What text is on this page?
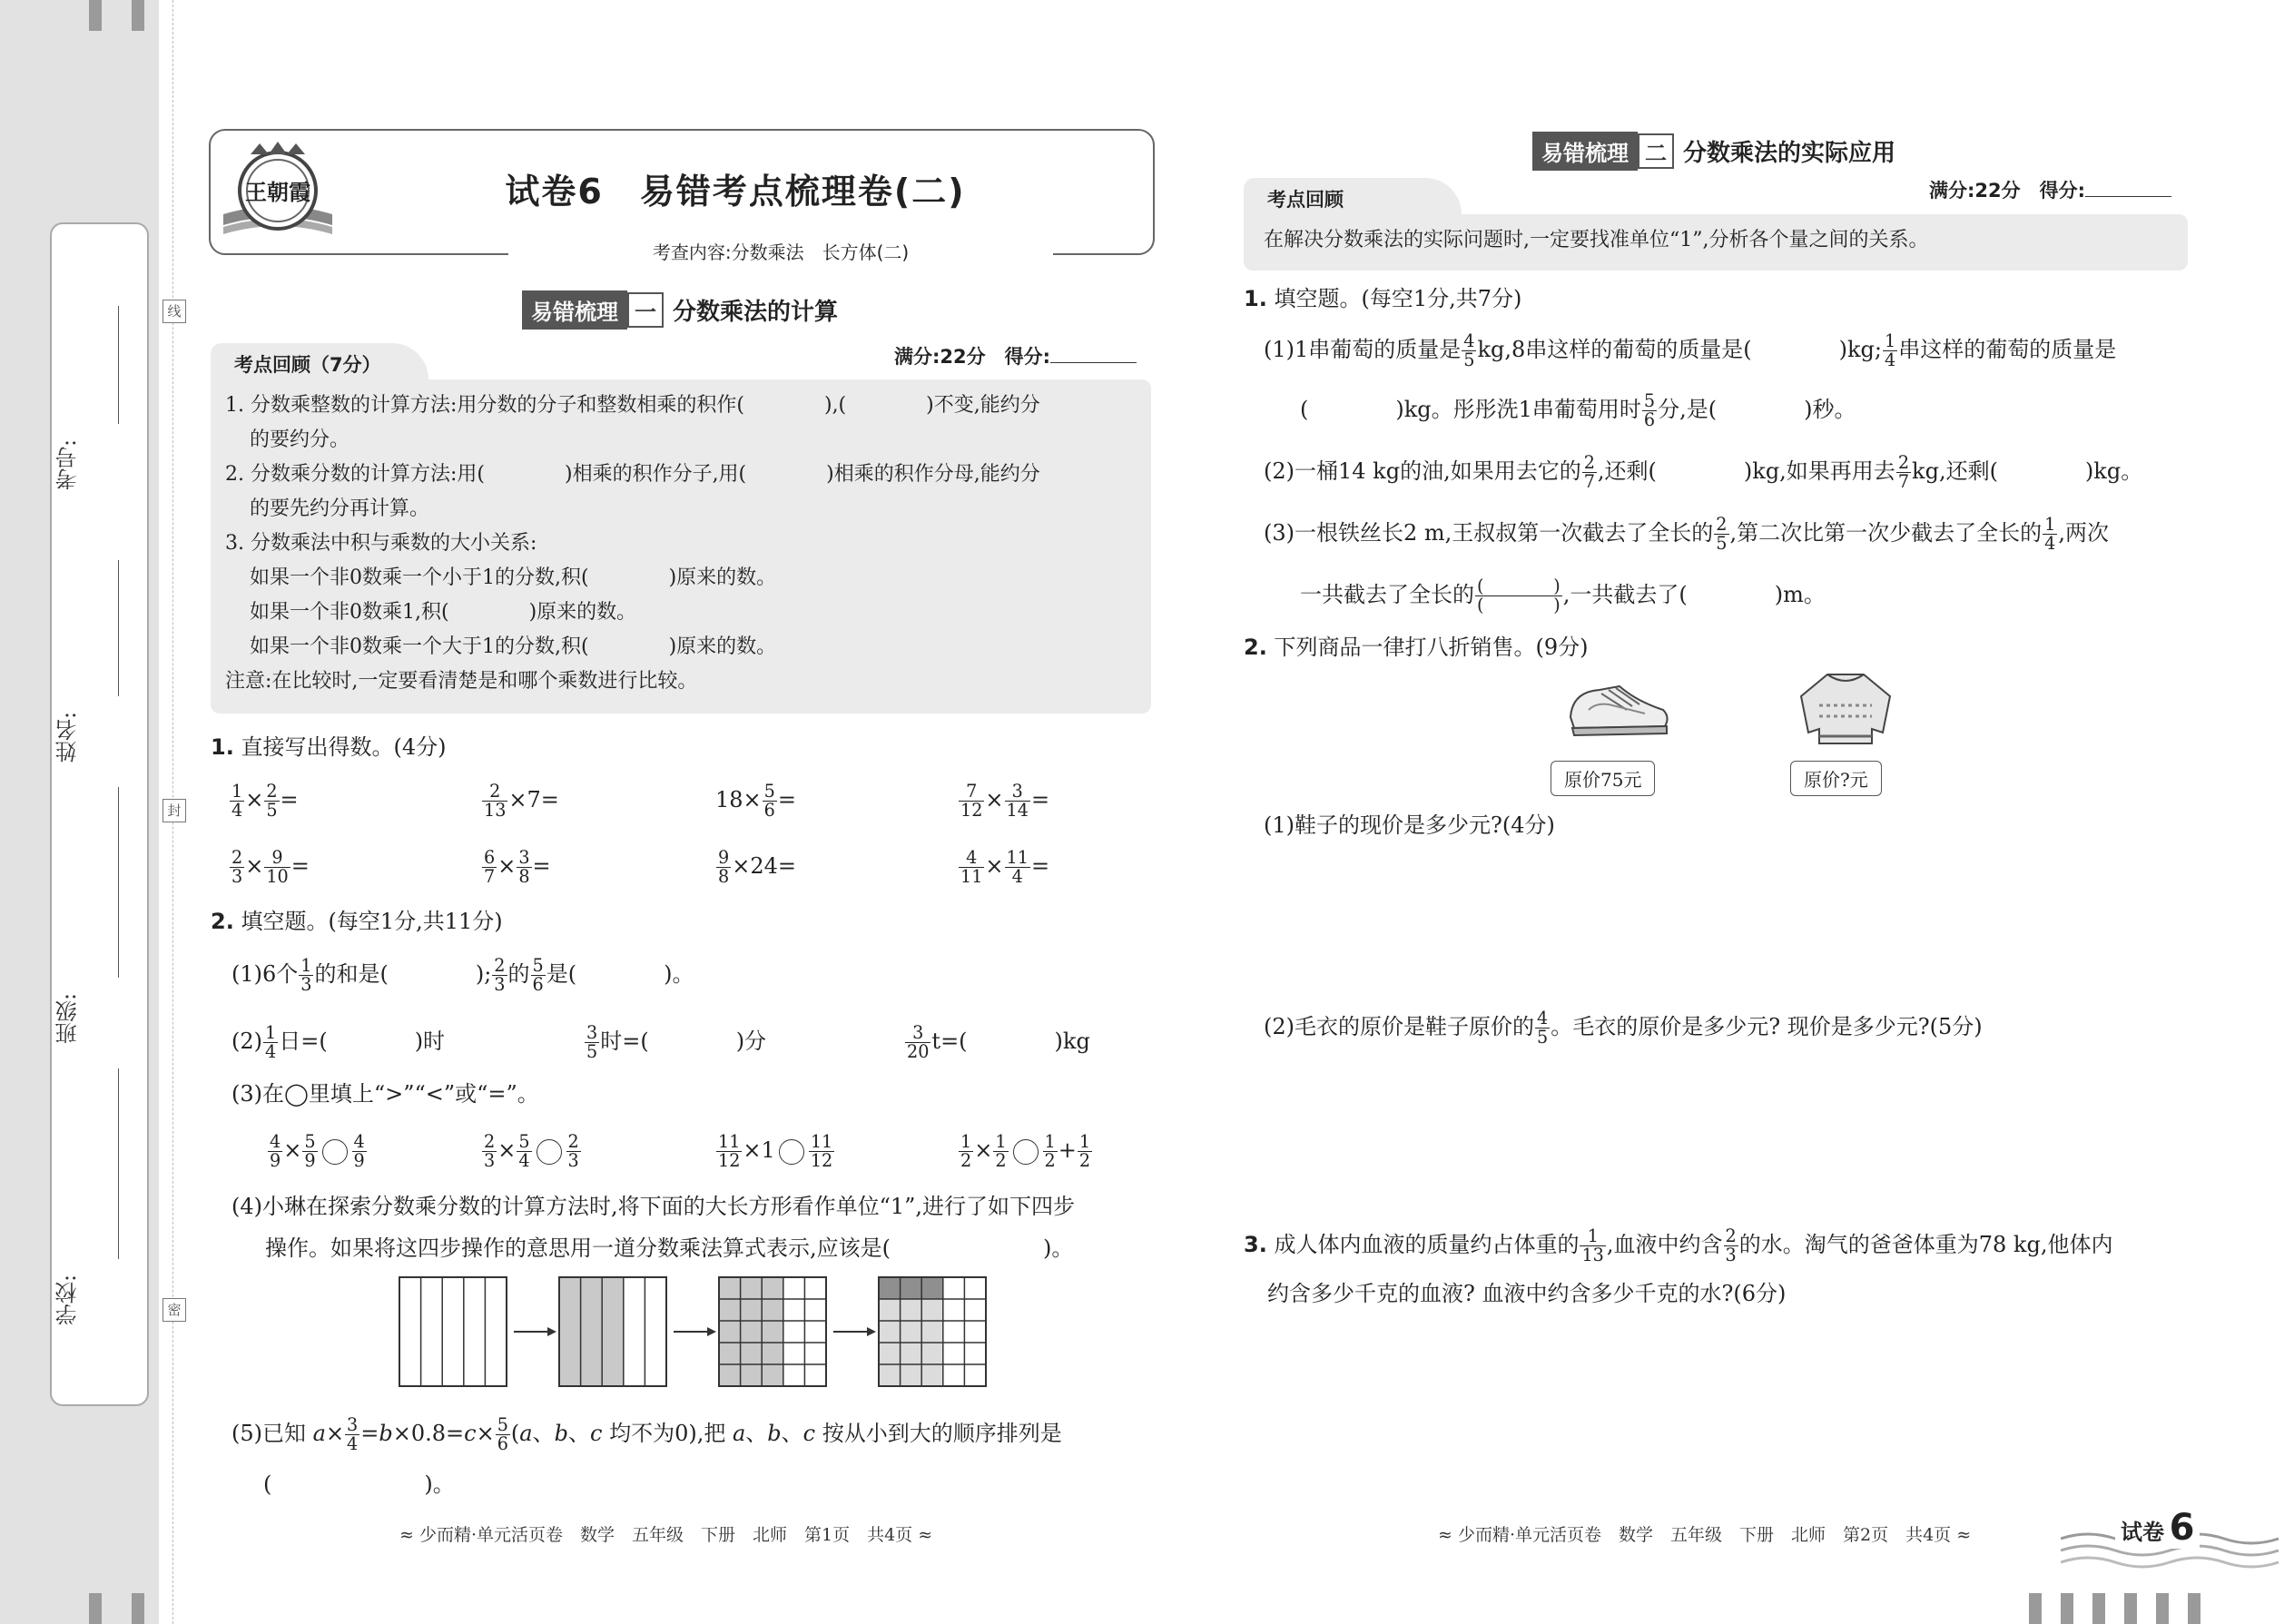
考号:
姓名:
班级:
学校:
线
封
密
王朝霞	试卷6　易错考点梳理卷(二)
考查内容:分数乘法　长方体(二)
易错梳理 一 分数乘法的计算
考点回顾（7分）	满分:22分　得分:
1. 分数乘整数的计算方法:用分数的分子和整数相乘的积作(　　　　),(　　　　)不变,能约分
的要约分。
2. 分数乘分数的计算方法:用(　　　　)相乘的积作分子,用(　　　　)相乘的积作分母,能约分
的要先约分再计算。
3. 分数乘法中积与乘数的大小关系:
如果一个非0数乘一个小于1的分数,积(　　　　)原来的数。
如果一个非0数乘1,积(　　　　)原来的数。
如果一个非0数乘一个大于1的分数,积(　　　　)原来的数。
注意:在比较时,一定要看清楚是和哪个乘数进行比较。
1. 直接写出得数。(4分)
$\frac{1}{4} \times \frac{2}{5}$ =	$\frac{2}{13} \times 7=$	$18\times \frac{5}{6}$ =	$\frac{7}{12} \times \frac{3}{14}$ =
$\frac{2}{3} \times \frac{9}{10}$ =	$\frac{6}{7} \times \frac{3}{8}$ =	$\frac{9}{8} \times 24=$	$\frac{4}{11} \times \frac{11}{4}$ =
2. 填空题。(每空1分,共11分)
(1)6个 $\frac{1}{3}$ 的和是(　　　　); $\frac{2}{3}$ 的 $\frac{5}{6}$ 是(　　　　)。
$(2) \frac{1}{4}$ 日=(　　　　)时	$\frac{3}{5}$ 时=(　　　　)分	$\frac{3}{20} t=$(　　　　)kg
(3)在◯里填上“>”“<”或“=”。
$\frac{4}{9} \times \frac{5}{9} \frac{4}{9}$	$\frac{2}{3} \times \frac{5}{4} \frac{2}{3}$	$\frac{11}{12} \times 1 \frac{11}{12}$	$\frac{1}{2} \times \frac{1}{2} \frac{1}{2} + \frac{1}{2}$
(4)小琳在探索分数乘分数的计算方法时,将下面的大长方形看作单位“1”,进行了如下四步
操作。如果将这四步操作的意思用一道分数乘法算式表示,应该是(　　　　　　　)。
(5)已知 $a\times \frac{3}{4} =b\times 0.8=c\times \frac{5}{6} (a$、b、c 均不为0),把 a、b、c 按从小到大的顺序排列是
(　　　　　　　)。
≈ 少而精·单元活页卷　数学　五年级　下册　北师　第1页　共4页 ≈
易错梳理 二 分数乘法的实际应用
考点回顾	满分:22分　得分:
在解决分数乘法的实际问题时,一定要找准单位“1”,分析各个量之间的关系。
1. 填空题。(每空1分,共7分)
(1)1串葡萄的质量是 $\frac{4}{5} kg,8$串这样的葡萄的质量是(　　　　)kg; $\frac{1}{4}$ 串这样的葡萄的质量是
(　　　　)kg。彤彤洗1串葡萄用时 $\frac{5}{6}$ 分,是(　　　　)秒。
(2)一桶14 kg的油,如果用去它的 $\frac{2}{7}$ ,还剩(　　　　)kg,如果再用去 $\frac{2}{7}$ kg,还剩(　　　　)kg。
(3)一根铁丝长2 m,王叔叔第一次截去了全长的 $\frac{2}{5}$ ,第二次比第一次少截去了全长的 $\frac{1}{4}$ ,两次
一共截去了全长的 $\frac{( )}{( )}$ ,一共截去了(　　　　)m。
2. 下列商品一律打八折销售。(9分)
原价75元	原价?元
(1)鞋子的现价是多少元?(4分)
(2)毛衣的原价是鞋子原价的 $\frac{4}{5}$ 。毛衣的原价是多少元? 现价是多少元?(5分)
3. 成人体内血液的质量约占体重的 $\frac{1}{13}$ ,血液中约含 $\frac{2}{3}$ 的水。淘气的爸爸体重为78 kg,他体内
约含多少千克的血液? 血液中约含多少千克的水?(6分)
≈ 少而精·单元活页卷　数学　五年级　下册　北师　第2页　共4页 ≈	试卷 6
